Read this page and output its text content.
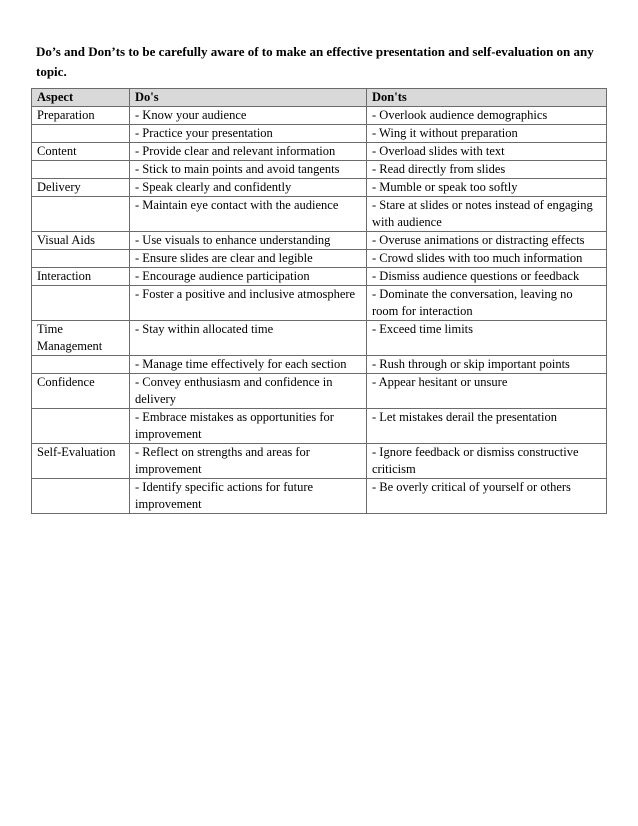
Do’s and Don’ts to be carefully aware of to make an effective presentation and self-evaluation on any topic.
Aspect	Do's	Don'ts
Preparation	- Know your audience	- Overlook audience demographics
	- Practice your presentation	- Wing it without preparation
Content	- Provide clear and relevant information	- Overload slides with text
	- Stick to main points and avoid tangents	- Read directly from slides
Delivery	- Speak clearly and confidently	- Mumble or speak too softly
	- Maintain eye contact with the audience	- Stare at slides or notes instead of engaging with audience
Visual Aids	- Use visuals to enhance understanding	- Overuse animations or distracting effects
	- Ensure slides are clear and legible	- Crowd slides with too much information
Interaction	- Encourage audience participation	- Dismiss audience questions or feedback
	- Foster a positive and inclusive atmosphere	- Dominate the conversation, leaving no room for interaction
Time Management	- Stay within allocated time	- Exceed time limits
	- Manage time effectively for each section	- Rush through or skip important points
Confidence	- Convey enthusiasm and confidence in delivery	- Appear hesitant or unsure
	- Embrace mistakes as opportunities for improvement	- Let mistakes derail the presentation
Self-Evaluation	- Reflect on strengths and areas for improvement	- Ignore feedback or dismiss constructive criticism
	- Identify specific actions for future improvement	- Be overly critical of yourself or others
